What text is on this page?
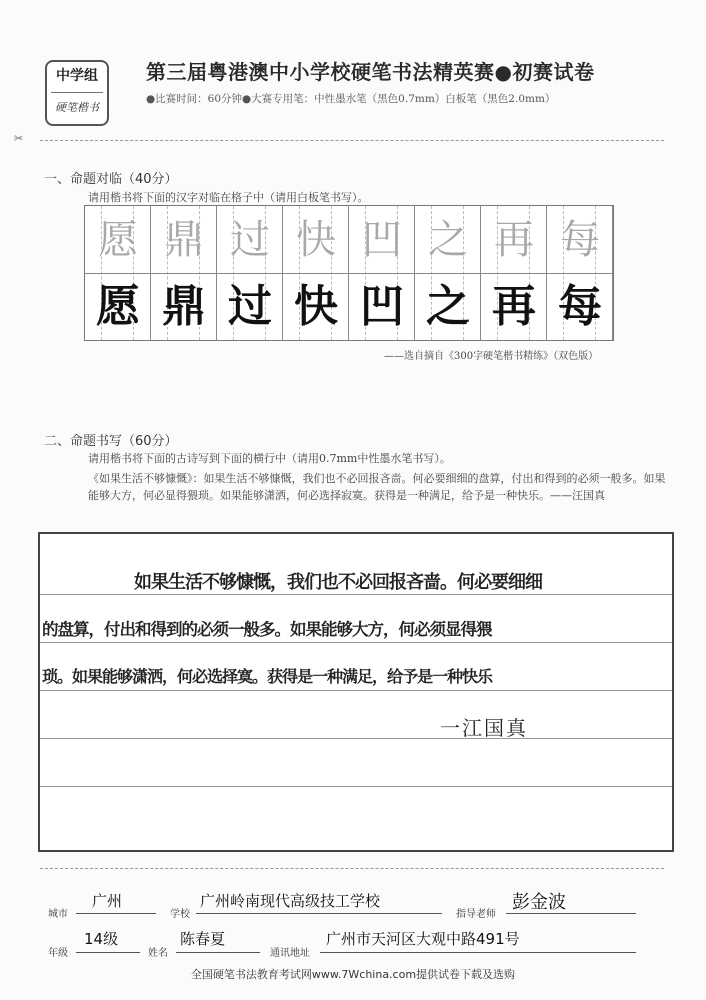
中学组
硬笔楷书
第三届粤港澳中小学校硬笔书法精英赛●初赛试卷
●比赛时间：60分钟●大赛专用笔：中性墨水笔（黑色0.7mm）白板笔（黑色2.0mm）
✂
一、命题对临（40分）
请用楷书将下面的汉字对临在格子中（请用白板笔书写）。
愿 鼎 过 快 凹 之 再 每
愿 鼎 过 快 凹 之 再 每
——选自摘自《300字硬笔楷书精练》（双色版）
二、命题书写（60分）
请用楷书将下面的古诗写到下面的横行中（请用0.7mm中性墨水笔书写）。
《如果生活不够慷慨》：如果生活不够慷慨，我们也不必回报吝啬。何必要细细的盘算，付出和得到的必须一般多。如果能够大方，何必显得猥琐。如果能够潇洒，何必选择寂寞。获得是一种满足，给予是一种快乐。——汪国真
如果生活不够慷慨，我们也不必回报吝啬。何必要细细
的盘算，付出和得到的必须一般多。如果能够大方，何必须显得猥
琐。如果能够潇洒，何必选择寞。获得是一种满足，给予是一种快乐
一江国真
城市
广州
学校
广州岭南现代高级技工学校
指导老师
彭金波
年级
14级
姓名
陈春夏
通讯地址
广州市天河区大观中路491号
全国硬笔书法教育考试网www.7Wchina.com提供试卷下载及选购
